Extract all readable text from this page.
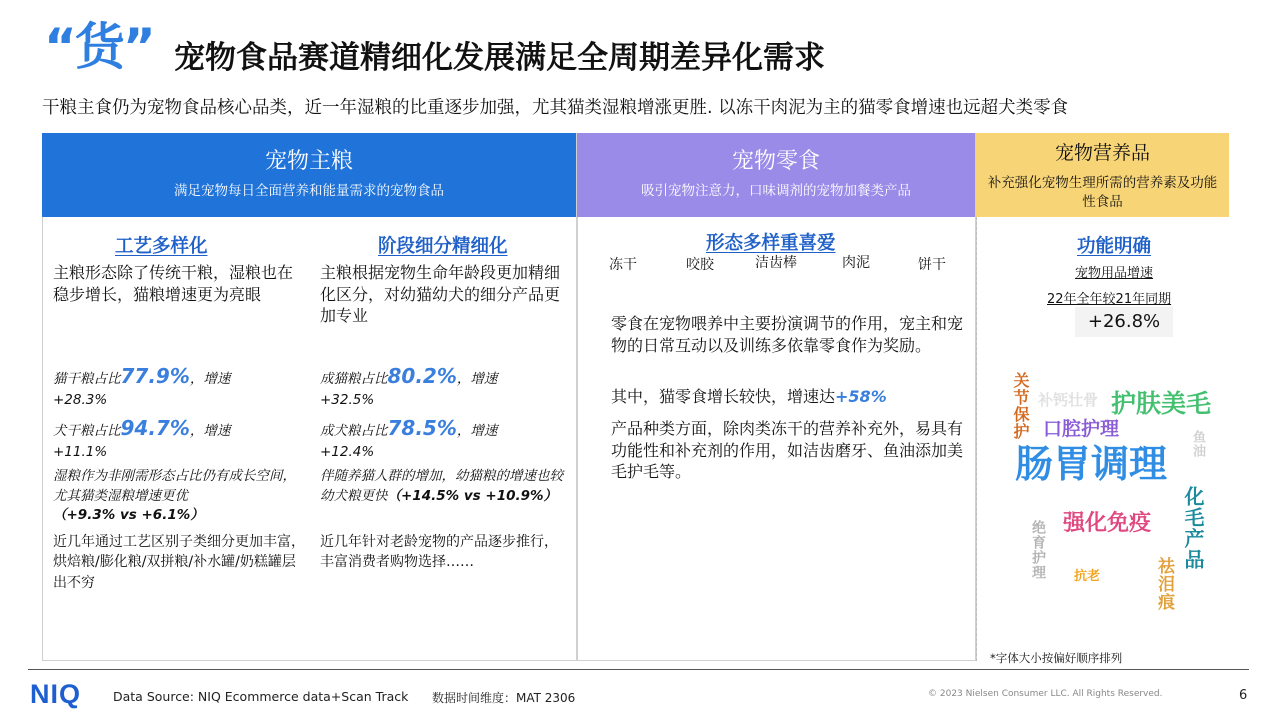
“货” 宠物食品赛道精细化发展满足全周期差异化需求
干粮主食仍为宠物食品核心品类，近一年湿粮的比重逐步加强，尤其猫类湿粮增涨更胜. 以冻干肉泥为主的猫零食增速也远超犬类零食
宠物主粮
满足宠物每日全面营养和能量需求的宠物食品
宠物零食
吸引宠物注意力，口味调剂的宠物加餐类产品
宠物营养品
补充强化宠物生理所需的营养素及功能性食品
工艺多样化
主粮形态除了传统干粮，湿粮也在稳步增长，猫粮增速更为亮眼
猫干粮占比77.9%，增速
+28.3%
犬干粮占比94.7%，增速
+11.1%
湿粮作为非刚需形态占比仍有成长空间，尤其猫类湿粮增速更优
（+9.3% vs +6.1%）
近几年通过工艺区别子类细分更加丰富，烘焙粮/膨化粮/双拼粮/补水罐/奶糕罐层出不穷
阶段细分精细化
主粮根据宠物生命年龄段更加精细化区分，对幼猫幼犬的细分产品更加专业
成猫粮占比80.2%，增速
+32.5%
成犬粮占比78.5%，增速
+12.4%
伴随养猫人群的增加，幼猫粮的增速也较幼犬粮更快（+14.5% vs +10.9%）
近几年针对老龄宠物的产品逐步推行，丰富消费者购物选择……
形态多样重喜爱
冻干	咬胶	洁齿棒	肉泥	饼干
零食在宠物喂养中主要扮演调节的作用，宠主和宠物的日常互动以及训练多依靠零食作为奖励。
其中，猫零食增长较快，增速达+58%
产品种类方面，除肉类冻干的营养补充外，易具有功能性和补充剂的作用，如洁齿磨牙、鱼油添加美毛护毛等。
功能明确
宠物用品增速
22年全年较21年同期
+26.8%
关节保护 补钙壮骨 护肤美毛
口腔护理
鱼油
肠胃调理
化毛产品
绝育护理 强化免疫
抗老	祛泪痕
*字体大小按偏好顺序排列
NIQ	Data Source: NIQ Ecommerce data+Scan Track 数据时间维度：MAT 2306	© 2023 Nielsen Consumer LLC. All Rights Reserved.	6
